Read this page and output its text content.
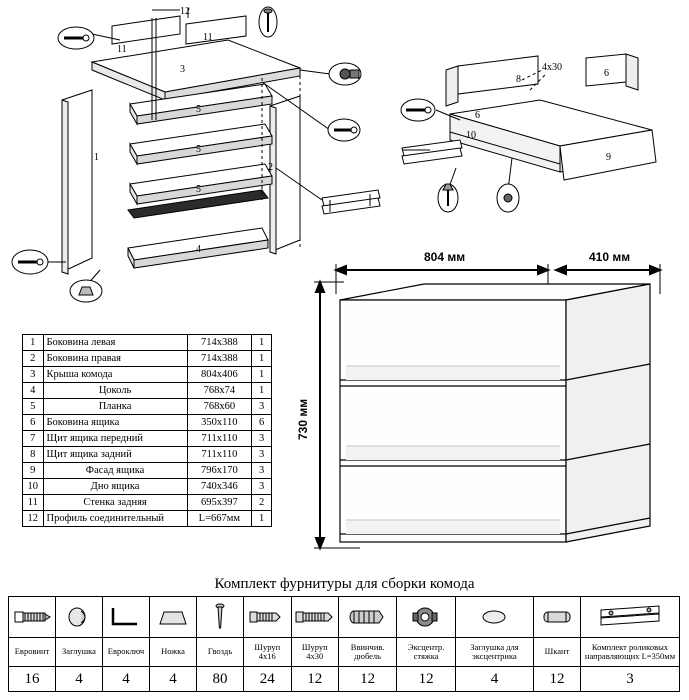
12
11
11
3
5
5
5
1
2
4
8
4х30
6
6
10
9
804 мм	410 мм
730 мм
1	Боковина левая	714х388	1
2	Боковина правая	714х388	1
3	Крыша комода	804х406	1
4	Цоколь	768х74	1
5	Планка	768х60	3
6	Боковина ящика	350х110	6
7	Щит ящика передний	711х110	3
8	Щит ящика задний	711х110	3
9	Фасад ящика	796х170	3
10	Дно ящика	740х346	3
11	Стенка задняя	695х397	2
12	Профиль соединительный	L=667мм	1
Комплект фурнитуры для сборки комода

Евровинт	Заглушка	Евроключ	Ножка	Гвоздь	Шуруп 4х16	Шуруп 4х30	Ввинчив. дюбель	Эксцентр. стяжка	Заглушка для эксцентрика	Шкант	Комплект роликовых направляющих L=350мм
16	4	4	4	80	24	12	12	12	4	12	3
